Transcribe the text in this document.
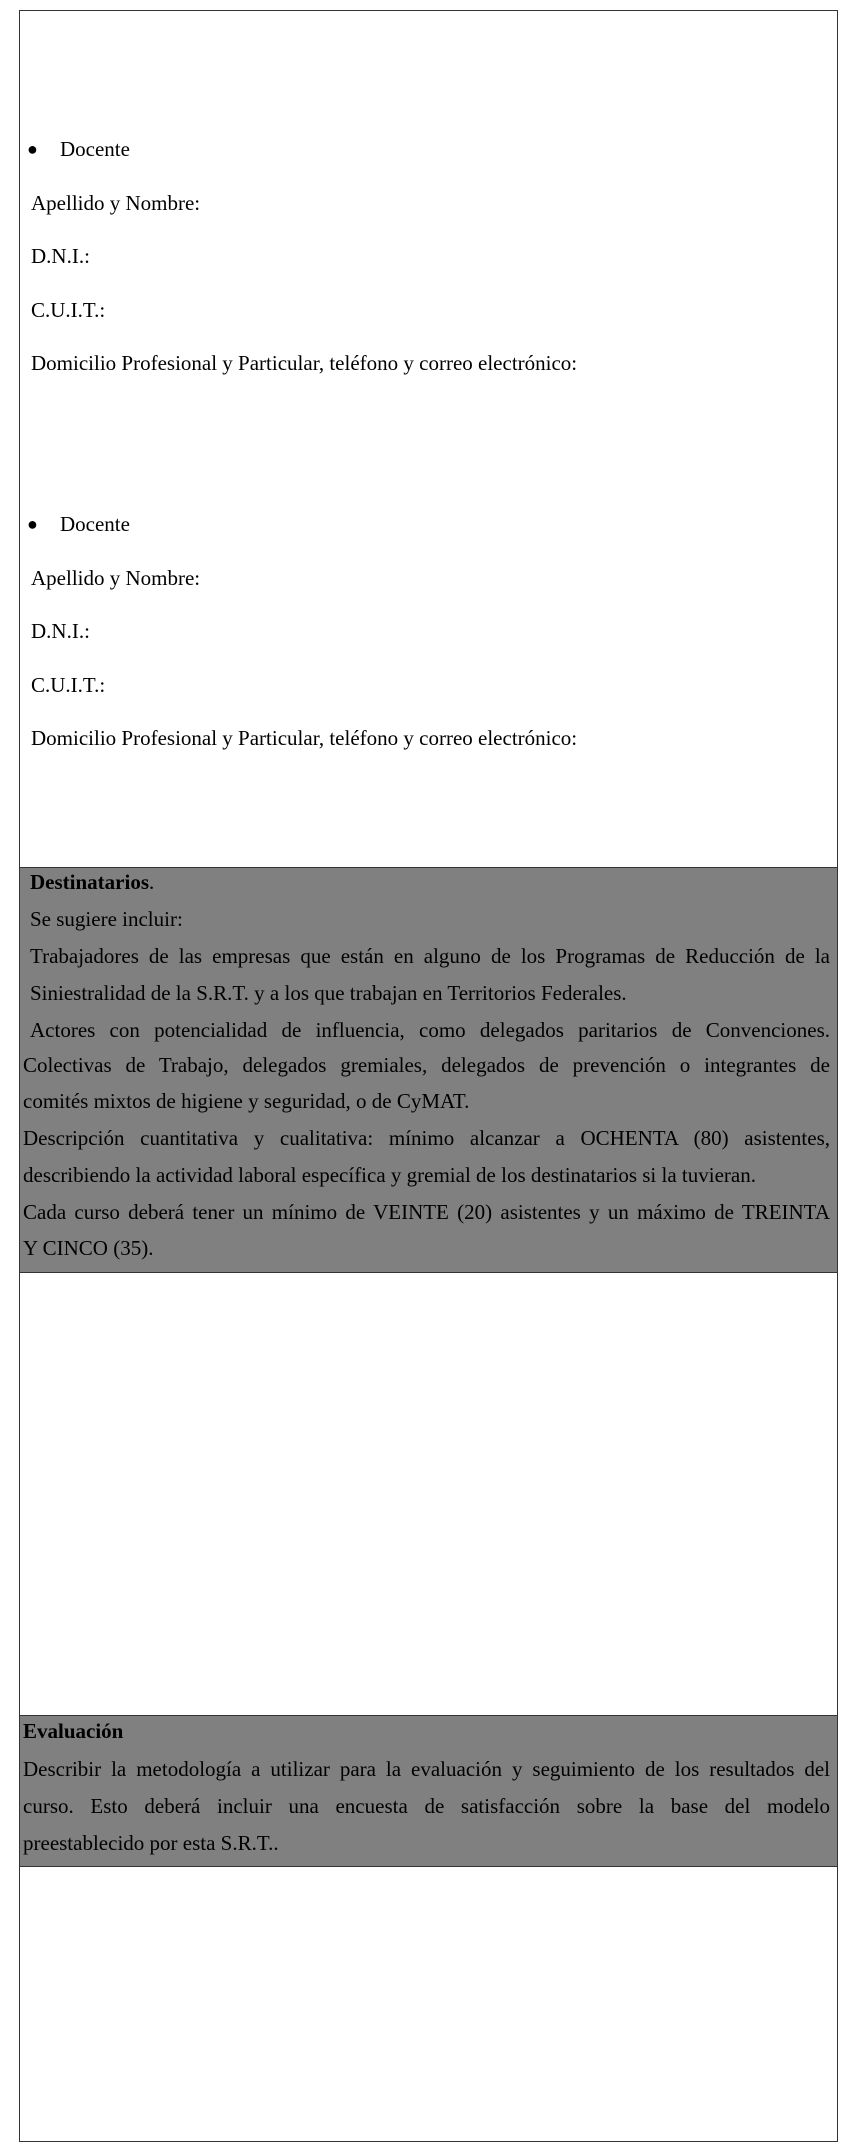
● Docente
Apellido y Nombre:
D.N.I.:
C.U.I.T.:
Domicilio Profesional y Particular, teléfono y correo electrónico:
● Docente
Apellido y Nombre:
D.N.I.:
C.U.I.T.:
Domicilio Profesional y Particular, teléfono y correo electrónico:
Destinatarios.
Se sugiere incluir:
Trabajadores de las empresas que están en alguno de los Programas de Reducción de la
Siniestralidad de la S.R.T. y a los que trabajan en Territorios Federales.
Actores con potencialidad de influencia, como delegados paritarios de Convenciones.
Colectivas de Trabajo, delegados gremiales, delegados de prevención o integrantes de
comités mixtos de higiene y seguridad, o de CyMAT.
Descripción cuantitativa y cualitativa: mínimo alcanzar a OCHENTA (80) asistentes,
describiendo la actividad laboral específica y gremial de los destinatarios si la tuvieran.
Cada curso deberá tener un mínimo de VEINTE (20) asistentes y un máximo de TREINTA
Y CINCO (35).
Evaluación
Describir la metodología a utilizar para la evaluación y seguimiento de los resultados del
curso. Esto deberá incluir una encuesta de satisfacción sobre la base del modelo
preestablecido por esta S.R.T..
